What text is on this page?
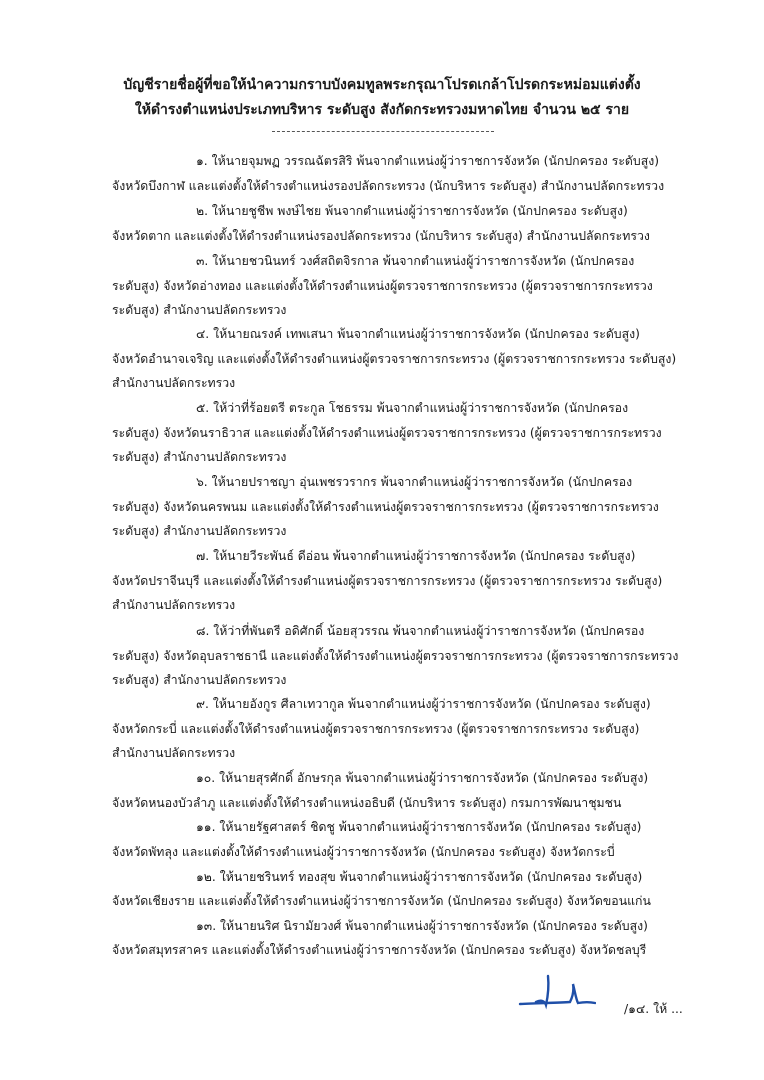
บัญชีรายชื่อผู้ที่ขอให้นำความกราบบังคมทูลพระกรุณาโปรดเกล้าโปรดกระหม่อมแต่งตั้ง
ให้ดำรงตำแหน่งประเภทบริหาร ระดับสูง สังกัดกระทรวงมหาดไทย จำนวน ๒๕ ราย
๑. ให้นายจุมพฏ วรรณฉัตรสิริ พ้นจากตำแหน่งผู้ว่าราชการจังหวัด (นักปกครอง ระดับสูง)
จังหวัดบึงกาฬ และแต่งตั้งให้ดำรงตำแหน่งรองปลัดกระทรวง (นักบริหาร ระดับสูง) สำนักงานปลัดกระทรวง
๒. ให้นายชูชีพ พงษ์ไชย พ้นจากตำแหน่งผู้ว่าราชการจังหวัด (นักปกครอง ระดับสูง)
จังหวัดตาก และแต่งตั้งให้ดำรงตำแหน่งรองปลัดกระทรวง (นักบริหาร ระดับสูง) สำนักงานปลัดกระทรวง
๓. ให้นายชวนินทร์ วงศ์สถิตจิรกาล พ้นจากตำแหน่งผู้ว่าราชการจังหวัด (นักปกครอง
ระดับสูง) จังหวัดอ่างทอง และแต่งตั้งให้ดำรงตำแหน่งผู้ตรวจราชการกระทรวง (ผู้ตรวจราชการกระทรวง
ระดับสูง) สำนักงานปลัดกระทรวง
๔. ให้นายณรงค์ เทพเสนา พ้นจากตำแหน่งผู้ว่าราชการจังหวัด (นักปกครอง ระดับสูง)
จังหวัดอำนาจเจริญ และแต่งตั้งให้ดำรงตำแหน่งผู้ตรวจราชการกระทรวง (ผู้ตรวจราชการกระทรวง ระดับสูง)
สำนักงานปลัดกระทรวง
๕. ให้ว่าที่ร้อยตรี ตระกูล โชธรรม พ้นจากตำแหน่งผู้ว่าราชการจังหวัด (นักปกครอง
ระดับสูง) จังหวัดนราธิวาส และแต่งตั้งให้ดำรงตำแหน่งผู้ตรวจราชการกระทรวง (ผู้ตรวจราชการกระทรวง
ระดับสูง) สำนักงานปลัดกระทรวง
๖. ให้นายปราชญา อุ่นเพชรวรากร พ้นจากตำแหน่งผู้ว่าราชการจังหวัด (นักปกครอง
ระดับสูง) จังหวัดนครพนม และแต่งตั้งให้ดำรงตำแหน่งผู้ตรวจราชการกระทรวง (ผู้ตรวจราชการกระทรวง
ระดับสูง) สำนักงานปลัดกระทรวง
๗. ให้นายวีระพันธ์ ดีอ่อน พ้นจากตำแหน่งผู้ว่าราชการจังหวัด (นักปกครอง ระดับสูง)
จังหวัดปราจีนบุรี และแต่งตั้งให้ดำรงตำแหน่งผู้ตรวจราชการกระทรวง (ผู้ตรวจราชการกระทรวง ระดับสูง)
สำนักงานปลัดกระทรวง
๘. ให้ว่าที่พันตรี อดิศักดิ์ น้อยสุวรรณ พ้นจากตำแหน่งผู้ว่าราชการจังหวัด (นักปกครอง
ระดับสูง) จังหวัดอุบลราชธานี และแต่งตั้งให้ดำรงตำแหน่งผู้ตรวจราชการกระทรวง (ผู้ตรวจราชการกระทรวง
ระดับสูง) สำนักงานปลัดกระทรวง
๙. ให้นายอังกูร ศีลาเทวากูล พ้นจากตำแหน่งผู้ว่าราชการจังหวัด (นักปกครอง ระดับสูง)
จังหวัดกระบี่ และแต่งตั้งให้ดำรงตำแหน่งผู้ตรวจราชการกระทรวง (ผู้ตรวจราชการกระทรวง ระดับสูง)
สำนักงานปลัดกระทรวง
๑๐. ให้นายสุรศักดิ์ อักษรกุล พ้นจากตำแหน่งผู้ว่าราชการจังหวัด (นักปกครอง ระดับสูง)
จังหวัดหนองบัวลำภู และแต่งตั้งให้ดำรงตำแหน่งอธิบดี (นักบริหาร ระดับสูง) กรมการพัฒนาชุมชน
๑๑. ให้นายรัฐศาสตร์ ชิดชู พ้นจากตำแหน่งผู้ว่าราชการจังหวัด (นักปกครอง ระดับสูง)
จังหวัดพัทลุง และแต่งตั้งให้ดำรงตำแหน่งผู้ว่าราชการจังหวัด (นักปกครอง ระดับสูง) จังหวัดกระบี่
๑๒. ให้นายชรินทร์ ทองสุข พ้นจากตำแหน่งผู้ว่าราชการจังหวัด (นักปกครอง ระดับสูง)
จังหวัดเชียงราย และแต่งตั้งให้ดำรงตำแหน่งผู้ว่าราชการจังหวัด (นักปกครอง ระดับสูง) จังหวัดขอนแก่น
๑๓. ให้นายนริศ นิรามัยวงศ์ พ้นจากตำแหน่งผู้ว่าราชการจังหวัด (นักปกครอง ระดับสูง)
จังหวัดสมุทรสาคร และแต่งตั้งให้ดำรงตำแหน่งผู้ว่าราชการจังหวัด (นักปกครอง ระดับสูง) จังหวัดชลบุรี
/๑๔. ให้ ...
